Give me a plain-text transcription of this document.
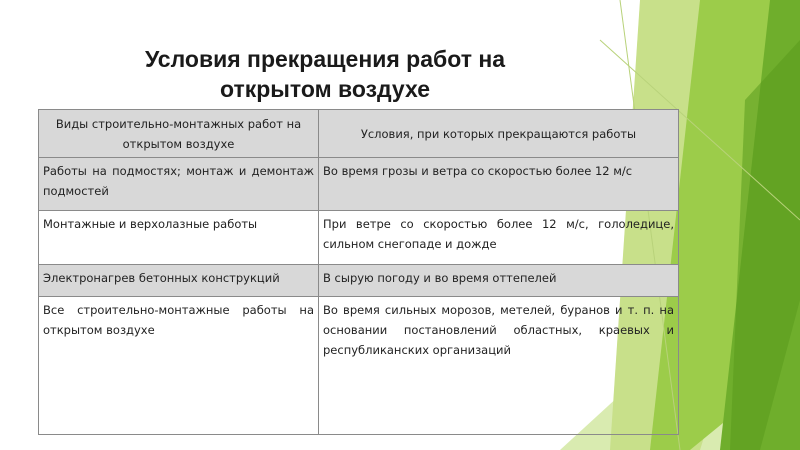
Условия прекращения работ на
открытом воздухе
Виды строительно-монтажных работ на открытом воздухе	Условия, при которых прекращаются работы
Работы на подмостях; монтаж и демонтаж подмостей	Во время грозы и ветра со скоростью более 12 м/с
Монтажные и верхолазные работы	При ветре со скоростью более 12 м/с, гололедице, сильном снегопаде и дожде
Электронагрев бетонных конструкций	В сырую погоду и во время оттепелей
Все строительно-монтажные работы на открытом воздухе	Во время сильных морозов, метелей, буранов и т. п. на основании постановлений областных, краевых и республиканских организаций
